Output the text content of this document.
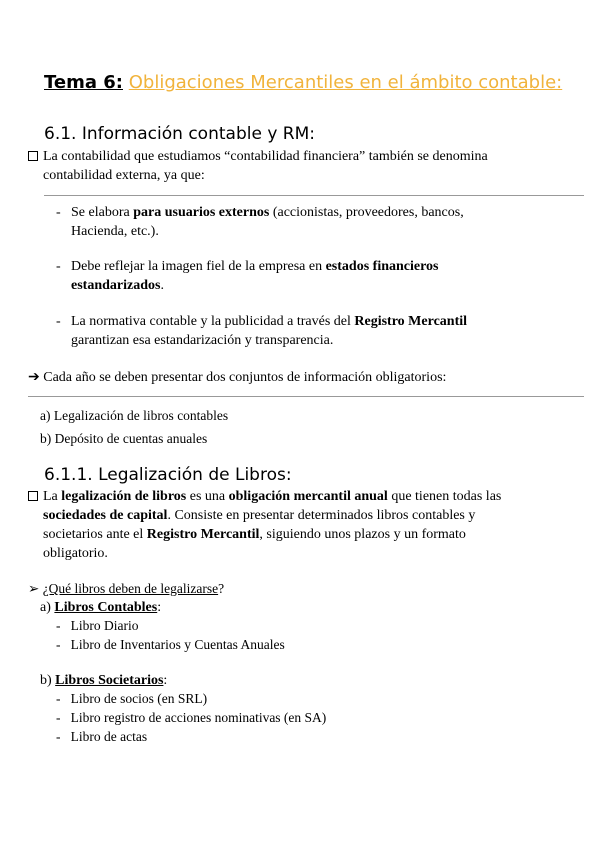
Tema 6: Obligaciones Mercantiles en el ámbito contable:
6.1. Información contable y RM:
La contabilidad que estudiamos “contabilidad financiera” también se denomina
contabilidad externa, ya que:
- Se elabora para usuarios externos (accionistas, proveedores, bancos,
Hacienda, etc.).
- Debe reflejar la imagen fiel de la empresa en estados financieros
estandarizados.
- La normativa contable y la publicidad a través del Registro Mercantil
garantizan esa estandarización y transparencia.
➔ Cada año se deben presentar dos conjuntos de información obligatorios:
a) Legalización de libros contables
b) Depósito de cuentas anuales
6.1.1. Legalización de Libros:
La legalización de libros es una obligación mercantil anual que tienen todas las
sociedades de capital. Consiste en presentar determinados libros contables y
societarios ante el Registro Mercantil, siguiendo unos plazos y un formato
obligatorio.
➢ ¿Qué libros deben de legalizarse?
a) Libros Contables:
- Libro Diario
- Libro de Inventarios y Cuentas Anuales
b) Libros Societarios:
- Libro de socios (en SRL)
- Libro registro de acciones nominativas (en SA)
- Libro de actas
